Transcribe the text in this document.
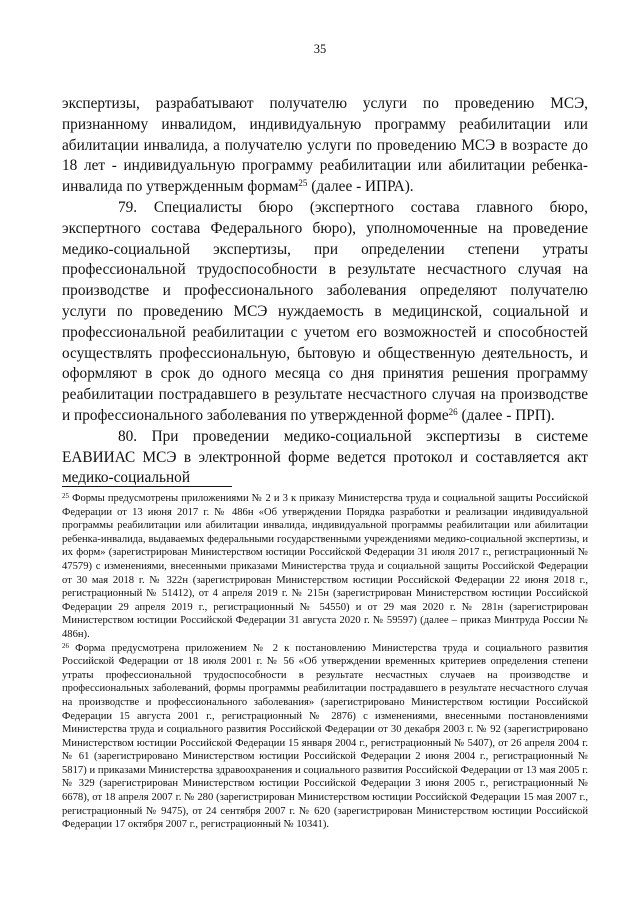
35

экспертизы, разрабатывают получателю услуги по проведению МСЭ, признанному инвалидом, индивидуальную программу реабилитации или абилитации инвалида, а получателю услуги по проведению МСЭ в возрасте до 18 лет - индивидуальную программу реабилитации или абилитации ребенка-инвалида по утвержденным формам$^{25}$ (далее - ИПРА).

79. Специалисты бюро (экспертного состава главного бюро, экспертного состава Федерального бюро), уполномоченные на проведение медико-социальной экспертизы, при определении степени утраты профессиональной трудоспособности в результате несчастного случая на производстве и профессионального заболевания определяют получателю услуги по проведению МСЭ нуждаемость в медицинской, социальной и профессиональной реабилитации с учетом его возможностей и способностей осуществлять профессиональную, бытовую и общественную деятельность, и оформляют в срок до одного месяца со дня принятия решения программу реабилитации пострадавшего в результате несчастного случая на производстве и профессионального заболевания по утвержденной форме$^{26}$ (далее - ПРП).

80. При проведении медико-социальной экспертизы в системе ЕАВИИАС МСЭ в электронной форме ведется протокол и составляется акт медико-социальной

$^{25}$ Формы предусмотрены приложениями № 2 и 3 к приказу Министерства труда и социальной защиты Российской Федерации от 13 июня 2017 г. № 486н «Об утверждении Порядка разработки и реализации индивидуальной программы реабилитации или абилитации инвалида, индивидуальной программы реабилитации или абилитации ребенка-инвалида, выдаваемых федеральными государственными учреждениями медико-социальной экспертизы, и их форм» (зарегистрирован Министерством юстиции Российской Федерации 31 июля 2017 г., регистрационный № 47579) с изменениями, внесенными приказами Министерства труда и социальной защиты Российской Федерации от 30 мая 2018 г. № 322н (зарегистрирован Министерством юстиции Российской Федерации 22 июня 2018 г., регистрационный № 51412), от 4 апреля 2019 г. № 215н (зарегистрирован Министерством юстиции Российской Федерации 29 апреля 2019 г., регистрационный № 54550) и от 29 мая 2020 г. № 281н (зарегистрирован Министерством юстиции Российской Федерации 31 августа 2020 г. № 59597) (далее – приказ Минтруда России № 486н).

$^{26}$ Форма предусмотрена приложением № 2 к постановлению Министерства труда и социального развития Российской Федерации от 18 июля 2001 г. № 56 «Об утверждении временных критериев определения степени утраты профессиональной трудоспособности в результате несчастных случаев на производстве и профессиональных заболеваний, формы программы реабилитации пострадавшего в результате несчастного случая на производстве и профессионального заболевания» (зарегистрировано Министерством юстиции Российской Федерации 15 августа 2001 г., регистрационный № 2876) с изменениями, внесенными постановлениями Министерства труда и социального развития Российской Федерации от 30 декабря 2003 г. № 92 (зарегистрировано Министерством юстиции Российской Федерации 15 января 2004 г., регистрационный № 5407), от 26 апреля 2004 г. № 61 (зарегистрировано Министерством юстиции Российской Федерации 2 июня 2004 г., регистрационный № 5817) и приказами Министерства здравоохранения и социального развития Российской Федерации от 13 мая 2005 г. № 329 (зарегистрирован Министерством юстиции Российской Федерации 3 июня 2005 г., регистрационный № 6678), от 18 апреля 2007 г. № 280 (зарегистрирован Министерством юстиции Российской Федерации 15 мая 2007 г., регистрационный № 9475), от 24 сентября 2007 г. № 620 (зарегистрирован Министерством юстиции Российской Федерации 17 октября 2007 г., регистрационный № 10341).
